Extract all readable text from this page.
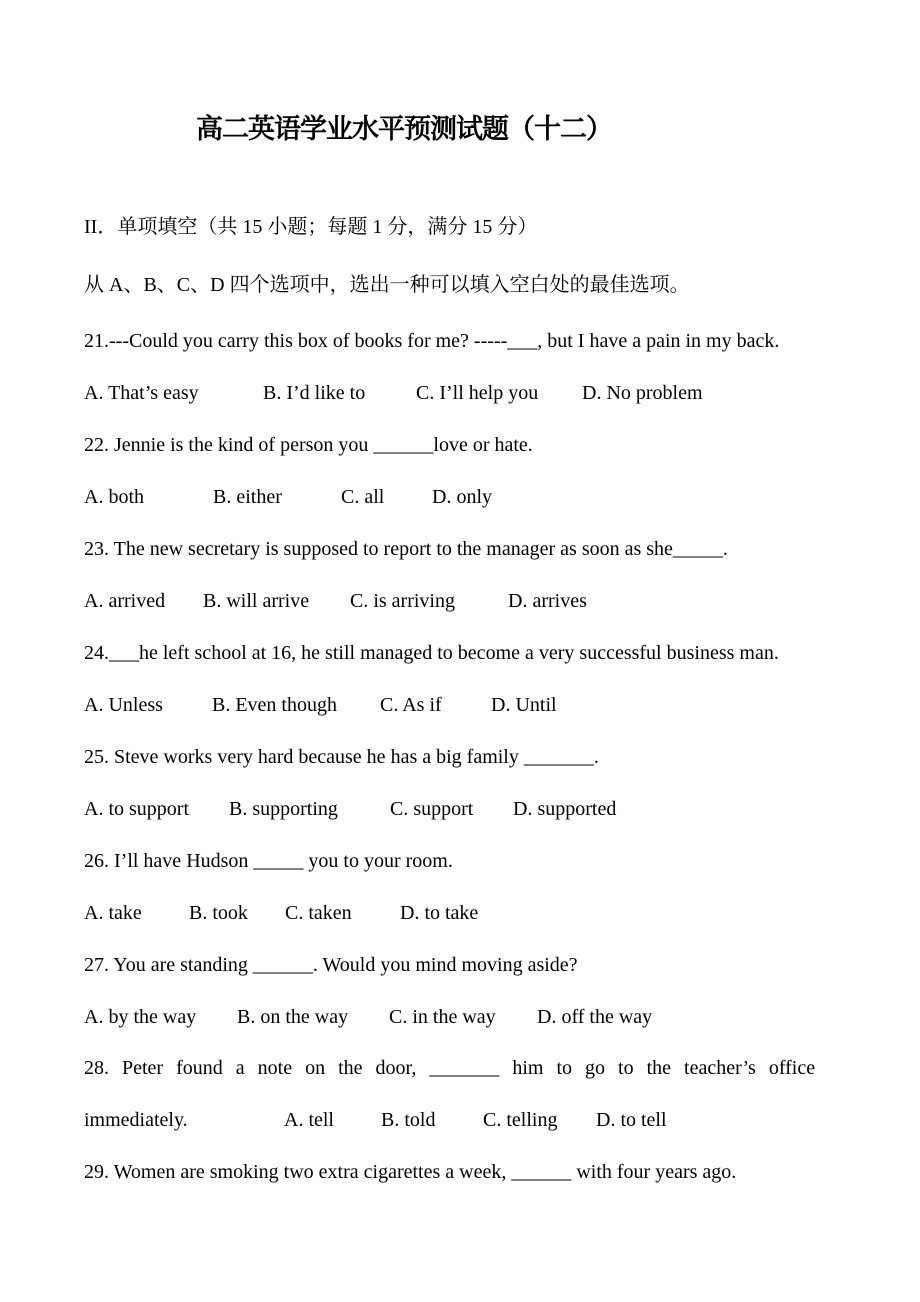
高二英语学业水平预测试题（十二）
II．单项填空（共 15 小题；每题 1 分，满分 15 分）
从 A、B、C、D 四个选项中，选出一种可以填入空白处的最佳选项。
21.---Could you carry this box of books for me? -----___, but I have a pain in my back.
A. That’s easy	B. I’d like to	C. I’ll help you D. No problem
22. Jennie is the kind of person you ______love or hate.
A. both	B. either	C. all D. only
23. The new secretary is supposed to report to the manager as soon as she_____.
A. arrived B. will arrive C. is arriving	D. arrives
24.___he left school at 16, he still managed to become a very successful business man.
A. Unless B. Even though C. As if D. Until
25. Steve works very hard because he has a big family _______.
A. to support B. supporting	C. support D. supported
26. I’ll have Hudson _____ you to your room.
A. take B. took C. taken D. to take
27. You are standing ______. Would you mind moving aside?
A. by the way B. on the way C. in the way D. off the way
28. Peter found a note on the door, _______ him to go to the teacher’s office
immediately.	A. tell B. told C. telling D. to tell
29. Women are smoking two extra cigarettes a week, ______ with four years ago.
